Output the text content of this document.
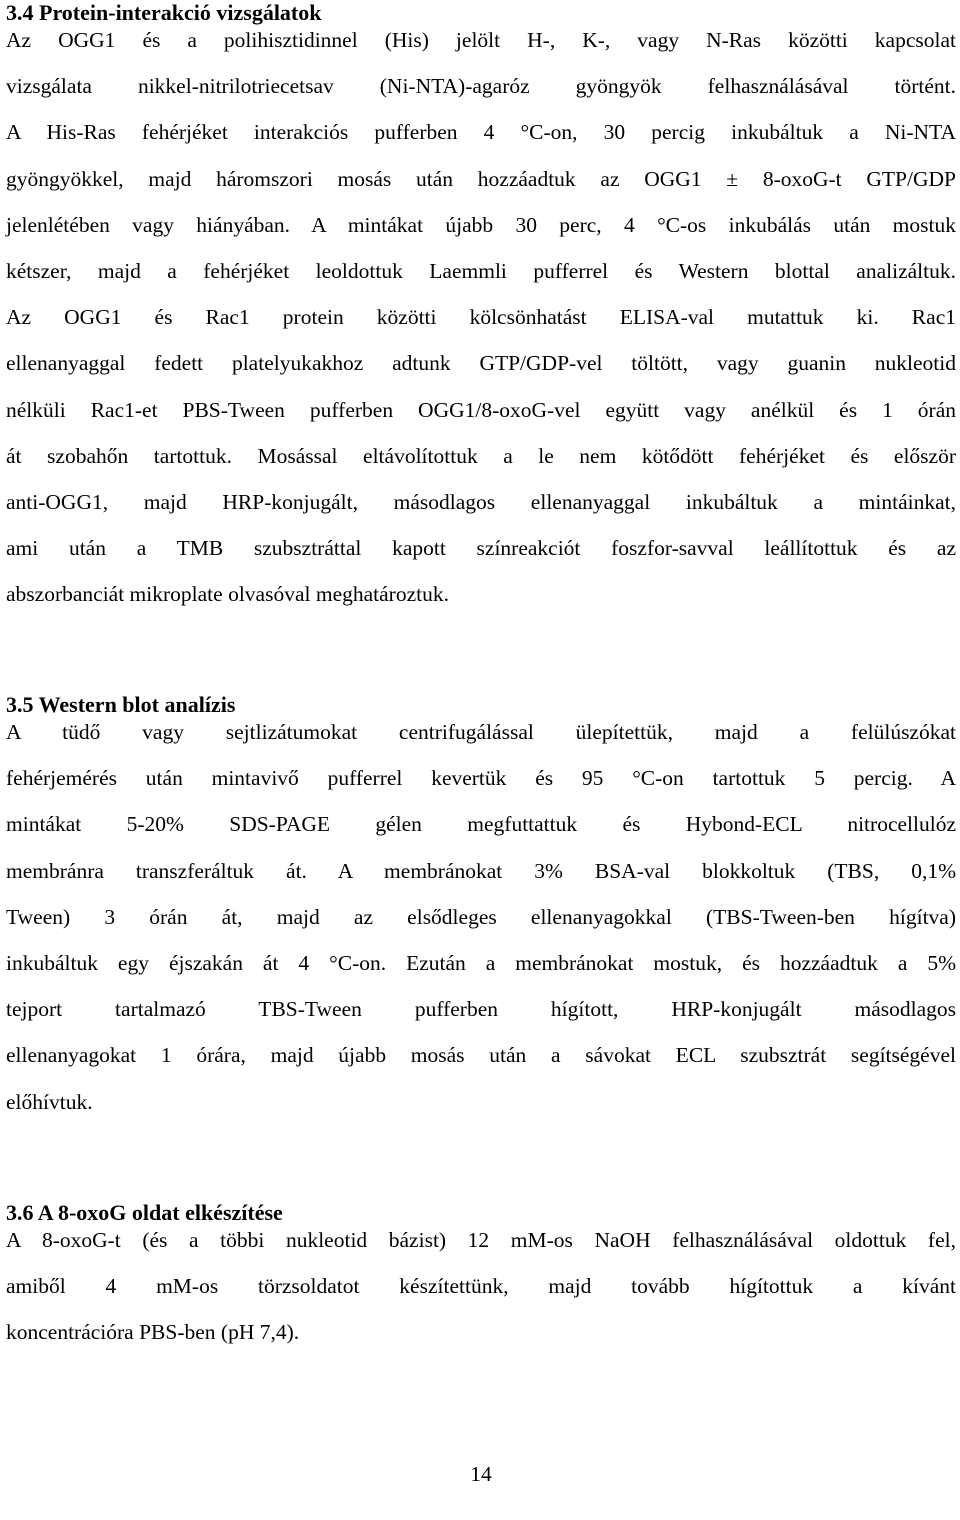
3.4 Protein-interakció vizsgálatok
Az OGG1 és a polihisztidinnel (His) jelölt H-, K-, vagy N-Ras közötti kapcsolat
vizsgálata nikkel-nitrilotriecetsav (Ni-NTA)-agaróz gyöngyök felhasználásával történt.
A His-Ras fehérjéket interakciós pufferben 4 °C-on, 30 percig inkubáltuk a Ni-NTA
gyöngyökkel, majd háromszori mosás után hozzáadtuk az OGG1 ± 8-oxoG-t GTP/GDP
jelenlétében vagy hiányában. A mintákat újabb 30 perc, 4 °C-os inkubálás után mostuk
kétszer, majd a fehérjéket leoldottuk Laemmli pufferrel és Western blottal analizáltuk.
Az OGG1 és Rac1 protein közötti kölcsönhatást ELISA-val mutattuk ki. Rac1
ellenanyaggal fedett platelyukakhoz adtunk GTP/GDP-vel töltött, vagy guanin nukleotid
nélküli Rac1-et PBS-Tween pufferben OGG1/8-oxoG-vel együtt vagy anélkül és 1 órán
át szobahőn tartottuk. Mosással eltávolítottuk a le nem kötődött fehérjéket és először
anti-OGG1, majd HRP-konjugált, másodlagos ellenanyaggal inkubáltuk a mintáinkat,
ami után a TMB szubsztráttal kapott színreakciót foszfor-savval leállítottuk és az
abszorbanciát mikroplate olvasóval meghatároztuk.
3.5 Western blot analízis
A tüdő vagy sejtlizátumokat centrifugálással ülepítettük, majd a felülúszókat
fehérjemérés után mintavivő pufferrel kevertük és 95 °C-on tartottuk 5 percig. A
mintákat 5-20% SDS-PAGE gélen megfuttattuk és Hybond-ECL nitrocellulóz
membránra transzferáltuk át. A membránokat 3% BSA-val blokkoltuk (TBS, 0,1%
Tween) 3 órán át, majd az elsődleges ellenanyagokkal (TBS-Tween-ben hígítva)
inkubáltuk egy éjszakán át 4 °C-on. Ezután a membránokat mostuk, és hozzáadtuk a 5%
tejport tartalmazó TBS-Tween pufferben hígított, HRP-konjugált másodlagos
ellenanyagokat 1 órára, majd újabb mosás után a sávokat ECL szubsztrát segítségével
előhívtuk.
3.6 A 8-oxoG oldat elkészítése
A 8-oxoG-t (és a többi nukleotid bázist) 12 mM-os NaOH felhasználásával oldottuk fel,
amiből 4 mM-os törzsoldatot készítettünk, majd tovább hígítottuk a kívánt
koncentrációra PBS-ben (pH 7,4).
14
